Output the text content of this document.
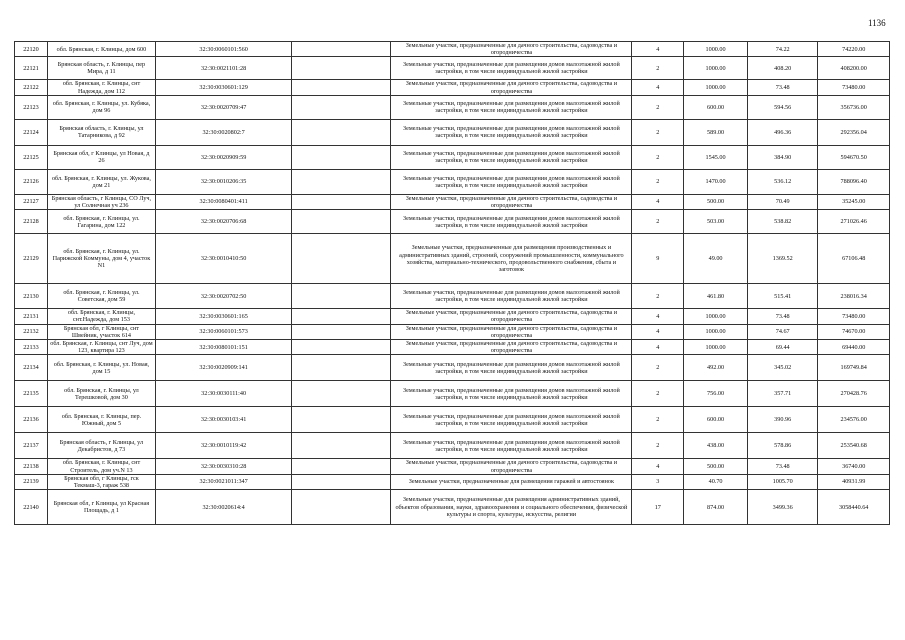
1136
22120	обл. Брянская, г. Клинцы, дом 600	32:30:0060101:560		Земельные участки, предназначенные для дачного строительства, садоводства и огородничества	4	1000.00	74.22	74220.00
22121	Брянская область, г. Клинцы, пер Мира, д 11	32:30:0021101:28		Земельные участки, предназначенные для размещения домов малоэтажной жилой застройки, в том числе индивидуальной жилой застройки	2	1000.00	408.20	408200.00
22122	обл. Брянская, г. Клинцы, снт Надежда, дом 112	32:30:0030601:129		Земельные участки, предназначенные для дачного строительства, садоводства и огородничества	4	1000.00	73.48	73480.00
22123	обл. Брянская, г. Клинцы, ул. Кубяка, дом 96	32:30:0020709:47		Земельные участки, предназначенные для размещения домов малоэтажной жилой застройки, в том числе индивидуальной жилой застройки	2	600.00	594.56	356736.00
22124	Брянская область, г. Клинцы, ул Татарникова, д 92	32:30:0020802:7		Земельные участки, предназначенные для размещения домов малоэтажной жилой застройки, в том числе индивидуальной жилой застройки	2	589.00	496.36	292356.04
22125	Брянская обл, г Клинцы, ул Новая, д 26	32:30:0020909:59		Земельные участки, предназначенные для размещения домов малоэтажной жилой застройки, в том числе индивидуальной жилой застройки	2	1545.00	384.90	594670.50
22126	обл. Брянская, г. Клинцы, ул. Жукова, дом 21	32:30:0010206:35		Земельные участки, предназначенные для размещения домов малоэтажной жилой застройки, в том числе индивидуальной жилой застройки	2	1470.00	536.12	788096.40
22127	Брянская область, г Клинцы, СО Луч, ул Солнечная уч 236	32:30:0080401:411		Земельные участки, предназначенные для дачного строительства, садоводства и огородничества	4	500.00	70.49	35245.00
22128	обл. Брянская, г. Клинцы, ул. Гагарина, дом 122	32:30:0020706:68		Земельные участки, предназначенные для размещения домов малоэтажной жилой застройки, в том числе индивидуальной жилой застройки	2	503.00	538.82	271026.46
22129	обл. Брянская, г. Клинцы, ул. Парижской Коммуны, дом 4, участок N1	32:30:0010410:50		Земельные участки, предназначенные для размещения производственных и административных зданий, строений, сооружений промышленности, коммунального хозяйства, материально-технического, продовольственного снабжения, сбыта и заготовок	9	49.00	1369.52	67106.48
22130	обл. Брянская, г. Клинцы, ул. Советская, дом 59	32:30:0020702:50		Земельные участки, предназначенные для размещения домов малоэтажной жилой застройки, в том числе индивидуальной жилой застройки	2	461.80	515.41	238016.34
22131	обл. Брянская, г. Клинцы, снт.Надежда, дом 153	32:30:0030601:165		Земельные участки, предназначенные для дачного строительства, садоводства и огородничества	4	1000.00	73.48	73480.00
22132	Брянская обл, г Клинцы, снт Швейник, участок 614	32:30:0060101:573		Земельные участки, предназначенные для дачного строительства, садоводства и огородничества	4	1000.00	74.67	74670.00
22133	обл. Брянская, г. Клинцы, снт Луч, дом 123, квартира 123	32:30:0080101:151		Земельные участки, предназначенные для дачного строительства, садоводства и огородничества	4	1000.00	69.44	69440.00
22134	обл. Брянская, г. Клинцы, ул. Новая, дом 15	32:30:0020909:141		Земельные участки, предназначенные для размещения домов малоэтажной жилой застройки, в том числе индивидуальной жилой застройки	2	492.00	345.02	169749.84
22135	обл. Брянская, г. Клинцы, ул Терешковой, дом 30	32:30:0030111:40		Земельные участки, предназначенные для размещения домов малоэтажной жилой застройки, в том числе индивидуальной жилой застройки	2	756.00	357.71	270428.76
22136	обл. Брянская, г. Клинцы, пер. Южный, дом 5	32:30:0030103:41		Земельные участки, предназначенные для размещения домов малоэтажной жилой застройки, в том числе индивидуальной жилой застройки	2	600.00	390.96	234576.00
22137	Брянская область, г Клинцы, ул Декабристов, д 73	32:30:0010119:42		Земельные участки, предназначенные для размещения домов малоэтажной жилой застройки, в том числе индивидуальной жилой застройки	2	438.00	578.86	253540.68
22138	обл. Брянская, г. Клинцы, снт Строитель, дом уч.N 13	32:30:0030310:28		Земельные участки, предназначенные для дачного строительства, садоводства и огородничества	4	500.00	73.48	36740.00
22139	Брянская обл, г Клинцы, гск Текмаш-3, гараж 538	32:30:0021011:347		Земельные участки, предназначенные для размещения гаражей и автостоянок	3	40.70	1005.70	40931.99
22140	Брянская обл, г Клинцы, ул Красная Площадь, д 1	32:30:0020614:4		Земельные участки, предназначенные для размещения административных зданий, объектов образования, науки, здравоохранения и социального обеспечения, физической культуры и спорта, культуры, искусства, религии	17	874.00	3499.36	3058440.64
